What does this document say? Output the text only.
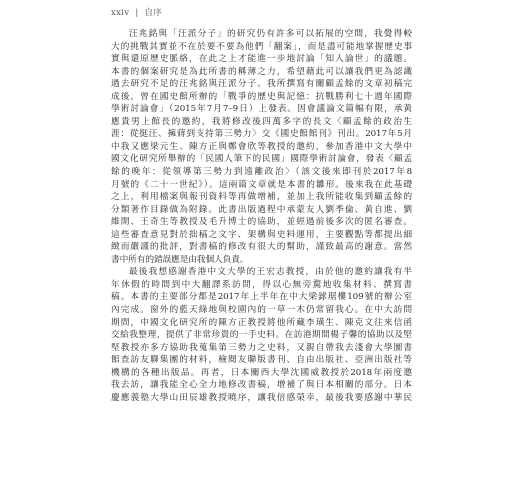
xxiv | 自序
汪兆銘與「汪派分子」的研究仍有許多可以拓展的空間，我覺得較
大的挑戰其實並不在於要不要為他們「翻案」，而是盡可能地掌握歷史事
實與還原歷史脈絡，在此之上才能進一步地討論「知人論世」的議題。
本書的個案研究是為此所書的稱薄之力，希望藉此可以讓我們更為認識
過去研究不足的汪兆銘與汪派分子。我所撰寫有關顧孟餘的文章初稿完
成後，曾在國史館所辦的「戰爭的歷史與記憶：抗戰勝利七十週年國際
學術討論會」（2015年7月7–9日）上發表。因會議論文篇幅有限，承黃
應貴男上館長的邀約，我將修改後四萬多字的長文〈顧孟餘的政治生
涯：從挺汪、擁蔣到支持第三勢力〉交《國史館館刊》刊出。2017年5月
中我又應梁元生、陳方正與鄭會欣等教授的邀約，參加香港中文大學中
國文化研究所舉辦的「民國人筆下的民國」國際學術討論會，發表〈顧孟
餘的晚年：從領導第三勢力到遠離政治〉（該文後來即刊於2017年8
月號的《二十一世紀》）。這兩篇文章就是本書的雛形。後來我在此基礎
之上，利用檔案與報刊資料等再做增補，並加上我所能收集到顧孟餘的
分類著作目錄做為附錄。此書出版過程中承蒙友人劉季倫、黃自進、劉
維開、王奇生等教授及毛升博士的協助，並經過前後多次的匿名審查。
這些審查意見對於拙稿之文字、架構與史料運用，主要觀點等都提出細
緻而嚴謹的批評，對書稿的修改有很大的幫助，謹致最高的謝意。當然
書中所有的錯誤應是由我個人負責。
最後我想感謝香港中文大學的王宏志教授，由於他的邀約讓我有半
年休假的時間到中大翻譯系訪問，得以心無旁騖地收集材料、撰寫書
稿。本書的主要部分都是2017年上半年在中大梁銶琚樓109號的辦公室
內完成。窗外的藍天綠地與校園內的一草一木仍常留我心。在中大訪問
期間，中國文化研究所的陳方正教授將他所藏李璜生、陳克文往來信函
交給我整理，提供了非常珍貴的一手史料。在訪港期間楊子馨的協助以及堅
堅教授亦多方協助我蒐集第三勢力之史料，又親自帶我去淺會大學圖書
館查訪友聯集團的材料，檢閱友聯版書刊、自由出版社、亞洲出版社等
機構的各種出版品。再者，日本關西大學沈國威教授於2018年兩度邀
我去訪，讓我能全心全力地修改書稿，增補了與日本相關的部分。日本
慶應義塾大學山田辰雄教授曉序，讓我倍感榮幸，最後我要感謝中華民
